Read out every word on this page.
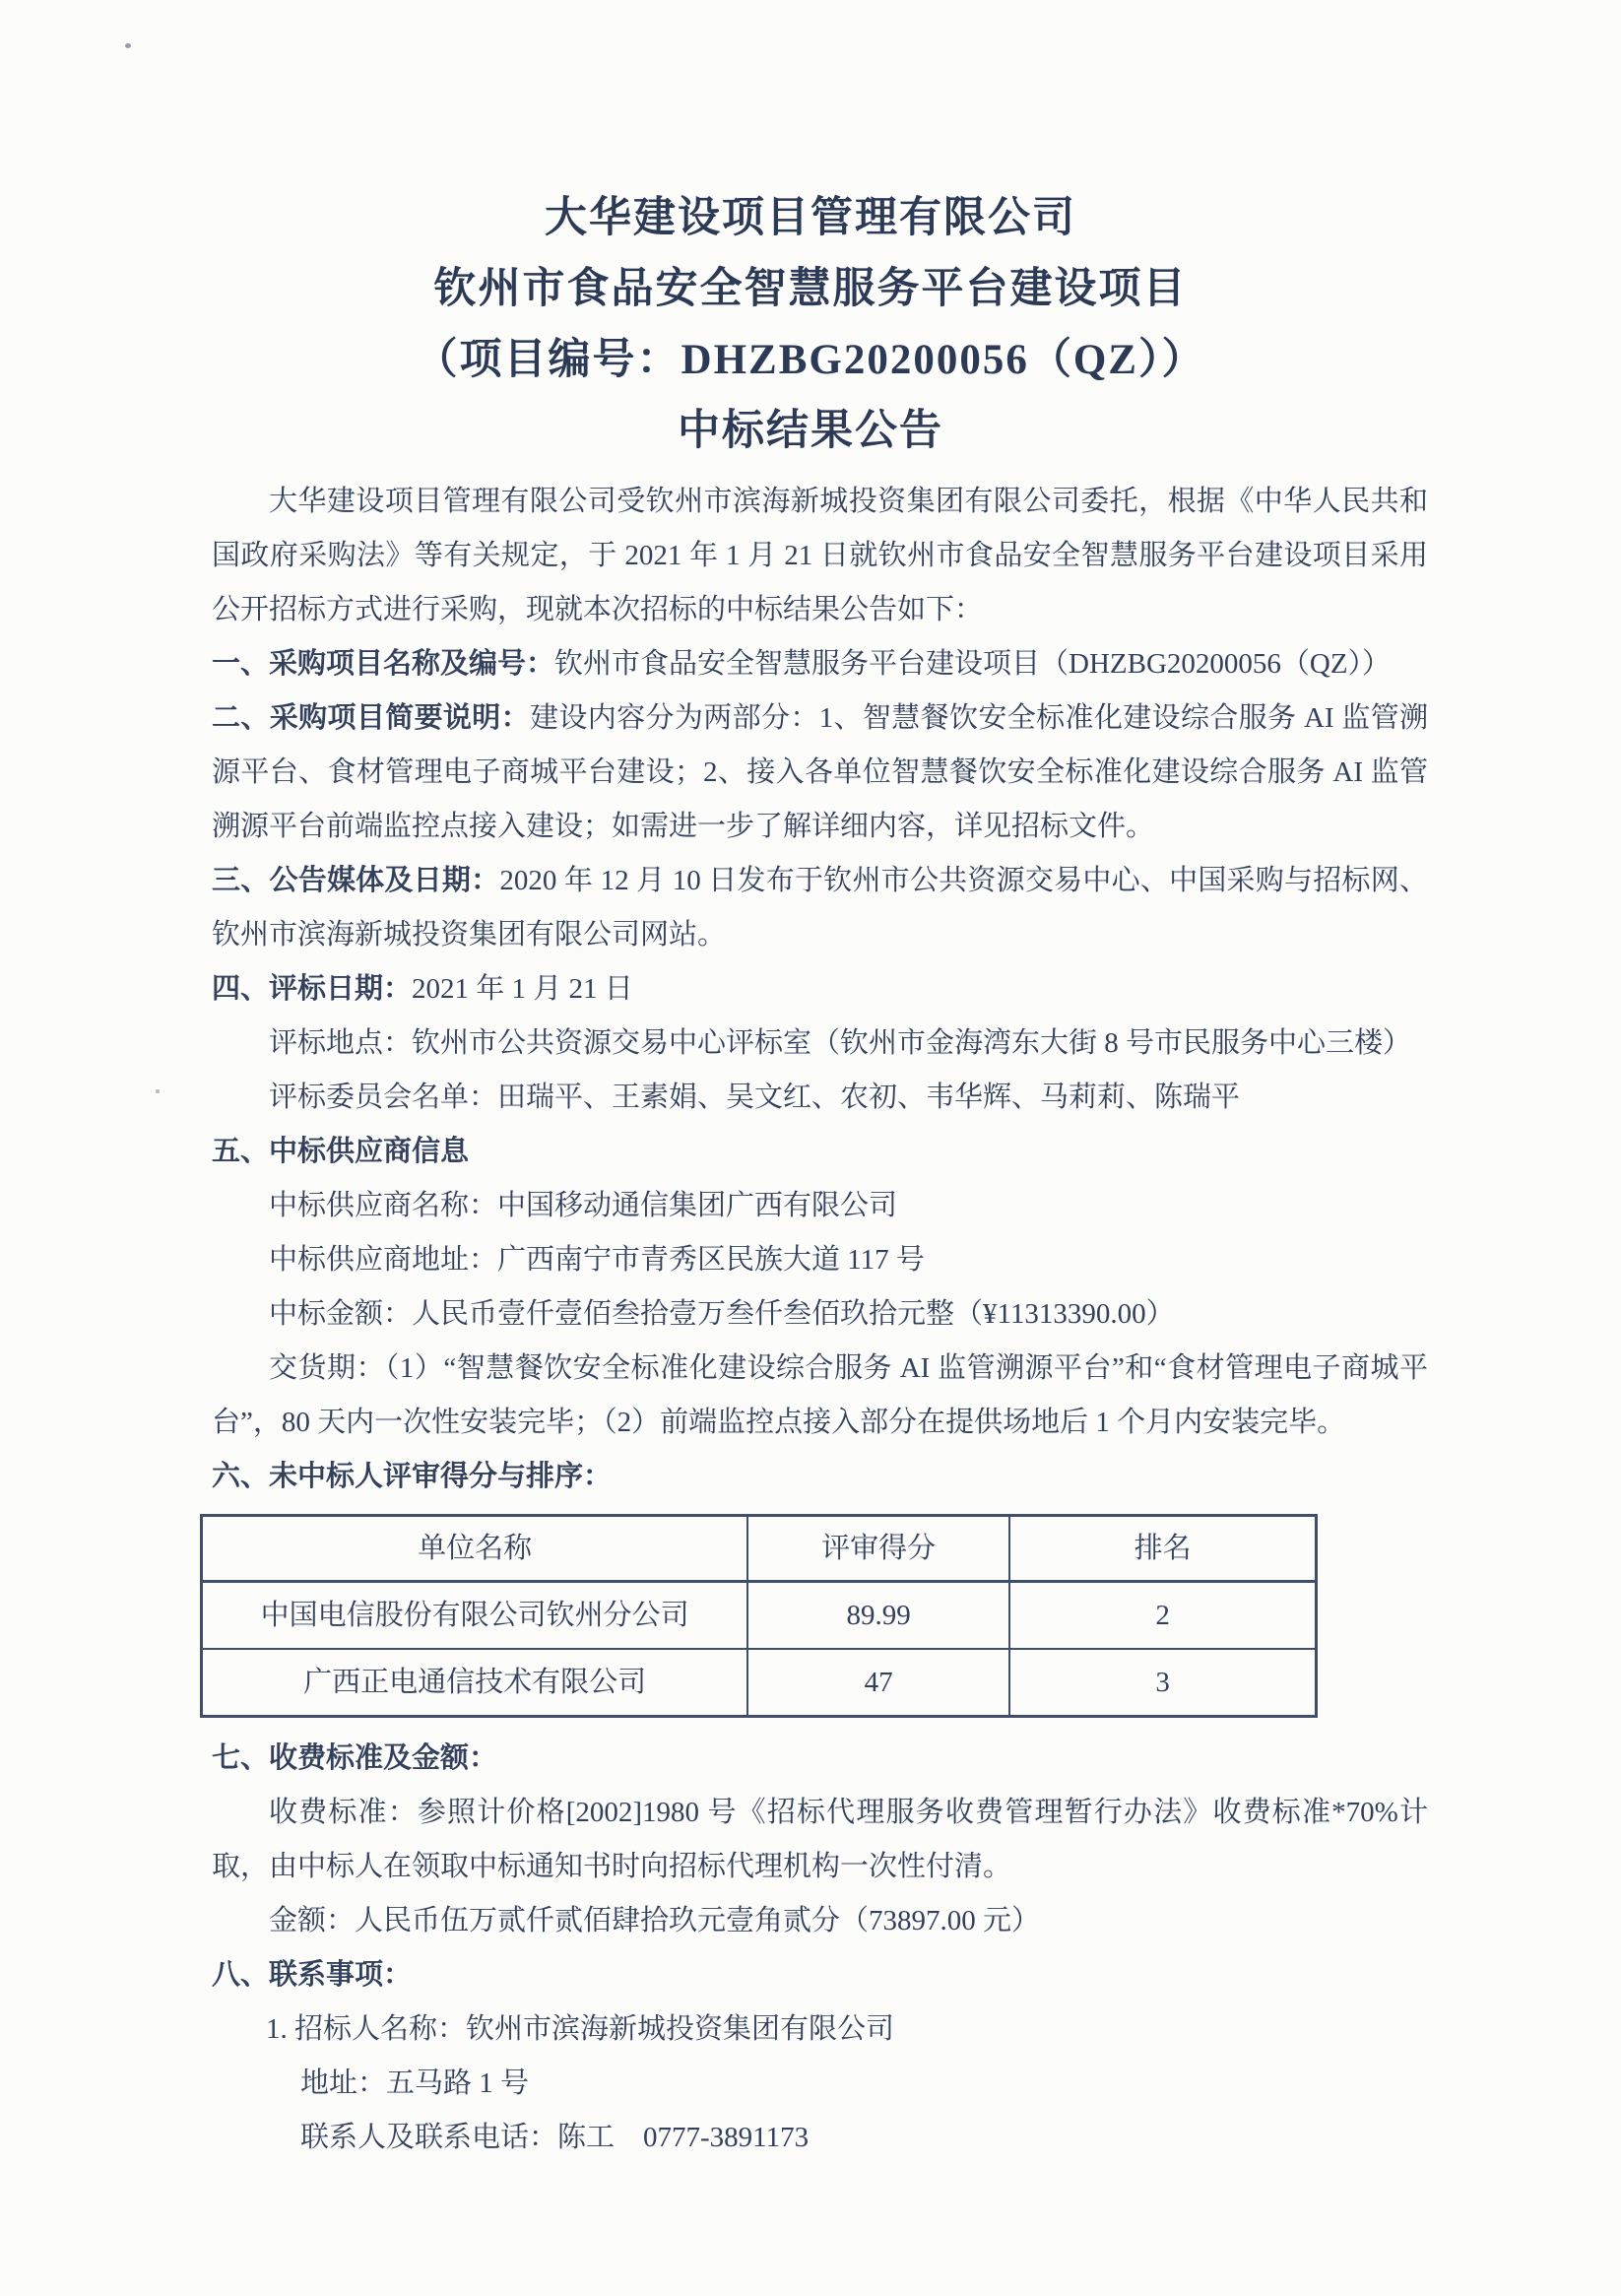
大华建设项目管理有限公司
钦州市食品安全智慧服务平台建设项目
（项目编号：DHZBG20200056（QZ））
中标结果公告

大华建设项目管理有限公司受钦州市滨海新城投资集团有限公司委托，根据《中华人民共和国政府采购法》等有关规定，于 2021 年 1 月 21 日就钦州市食品安全智慧服务平台建设项目采用公开招标方式进行采购，现就本次招标的中标结果公告如下：

一、采购项目名称及编号：钦州市食品安全智慧服务平台建设项目（DHZBG20200056（QZ））

二、采购项目简要说明：建设内容分为两部分：1、智慧餐饮安全标准化建设综合服务 AI 监管溯源平台、食材管理电子商城平台建设；2、接入各单位智慧餐饮安全标准化建设综合服务 AI 监管溯源平台前端监控点接入建设；如需进一步了解详细内容，详见招标文件。

三、公告媒体及日期：2020 年 12 月 10 日发布于钦州市公共资源交易中心、中国采购与招标网、钦州市滨海新城投资集团有限公司网站。

四、评标日期：2021 年 1 月 21 日

评标地点：钦州市公共资源交易中心评标室（钦州市金海湾东大街 8 号市民服务中心三楼）

评标委员会名单：田瑞平、王素娟、吴文红、农初、韦华辉、马莉莉、陈瑞平

五、中标供应商信息

中标供应商名称：中国移动通信集团广西有限公司

中标供应商地址：广西南宁市青秀区民族大道 117 号

中标金额：人民币壹仟壹佰叁拾壹万叁仟叁佰玖拾元整（¥11313390.00）

交货期：（1）“智慧餐饮安全标准化建设综合服务 AI 监管溯源平台”和“食材管理电子商城平台”，80 天内一次性安装完毕；（2）前端监控点接入部分在提供场地后 1 个月内安装完毕。

六、未中标人评审得分与排序：

单位名称	评审得分	排名
中国电信股份有限公司钦州分公司	89.99	2
广西正电通信技术有限公司	47	3

七、收费标准及金额：

收费标准：参照计价格[2002]1980 号《招标代理服务收费管理暂行办法》收费标准*70%计取，由中标人在领取中标通知书时向招标代理机构一次性付清。

金额：人民币伍万贰仟贰佰肆拾玖元壹角贰分（73897.00 元）

八、联系事项：

1. 招标人名称：钦州市滨海新城投资集团有限公司

地址：五马路 1 号

联系人及联系电话：陈工　0777-3891173
